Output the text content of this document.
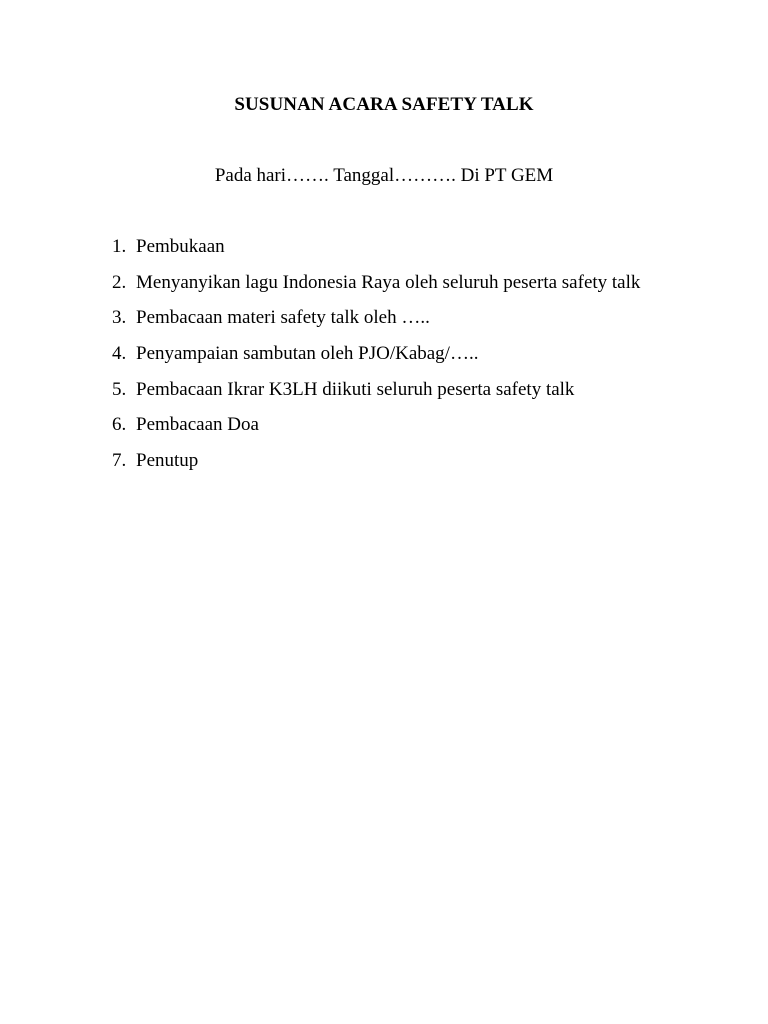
SUSUNAN ACARA SAFETY TALK
Pada hari……. Tanggal………. Di PT GEM
1. Pembukaan
2. Menyanyikan lagu Indonesia Raya oleh seluruh peserta safety talk
3. Pembacaan materi safety talk oleh …..
4. Penyampaian sambutan oleh PJO/Kabag/…..
5. Pembacaan Ikrar K3LH diikuti seluruh peserta safety talk
6. Pembacaan Doa
7. Penutup
